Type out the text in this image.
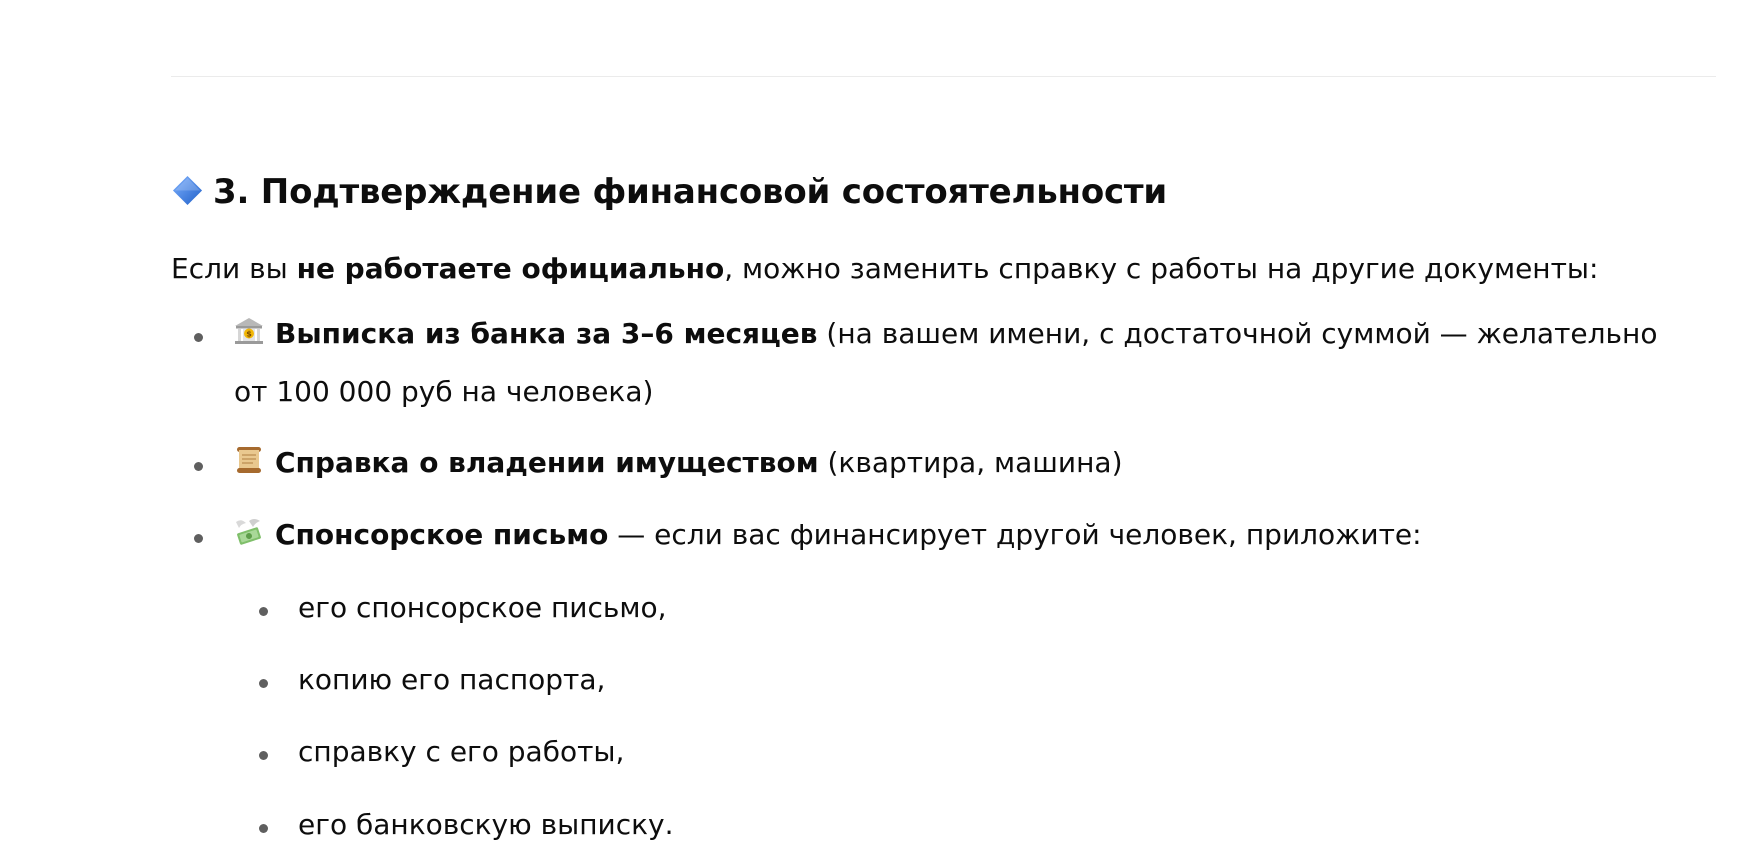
3. Подтверждение финансовой состоятельности

Если вы не работаете официально, можно заменить справку с работы на другие документы:

$ Выписка из банка за 3–6 месяцев (на вашем имени, с достаточной суммой — желательно

от 100 000 руб на человека)

Справка о владении имуществом (квартира, машина)

Спонсорское письмо — если вас финансирует другой человек, приложите:

его спонсорское письмо,

копию его паспорта,

справку с его работы,

его банковскую выписку.
